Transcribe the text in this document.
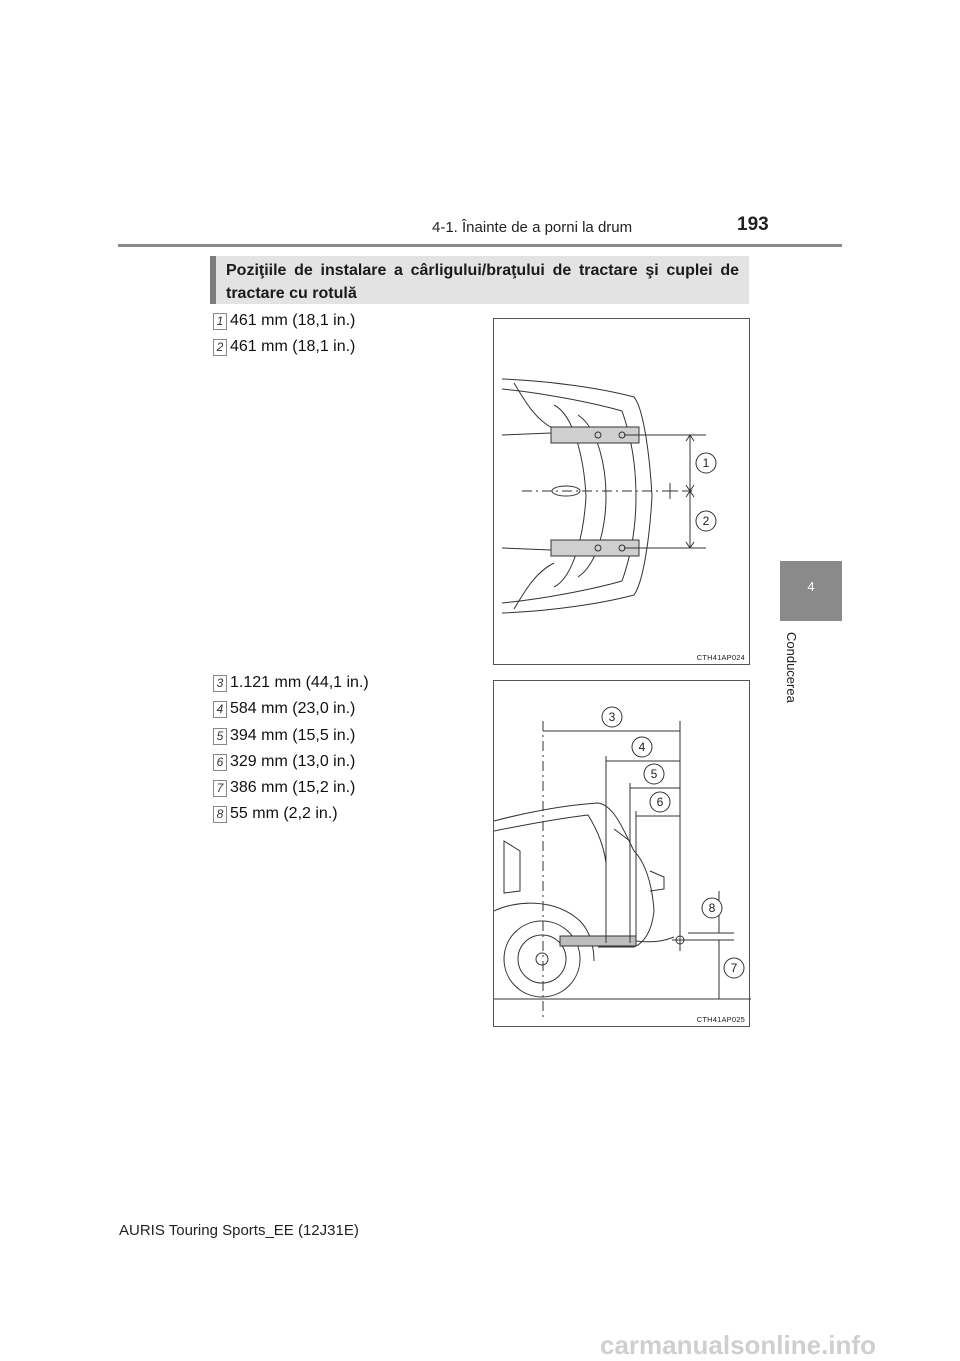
4-1. Înainte de a porni la drum	193
4
Conducerea
Poziţiile de instalare a cârligului/braţului de tractare şi cuplei de tractare cu rotulă
1 461 mm (18,1 in.)
2 461 mm (18,1 in.)
1
2
CTH41AP024
3 1.121 mm (44,1 in.)
4 584 mm (23,0 in.)
5 394 mm (15,5 in.)
6 329 mm (13,0 in.)
7 386 mm (15,2 in.)
8 55 mm (2,2 in.)
3
4
5
6
7
8
CTH41AP025
AURIS Touring Sports_EE (12J31E)
carmanualsonline.info
